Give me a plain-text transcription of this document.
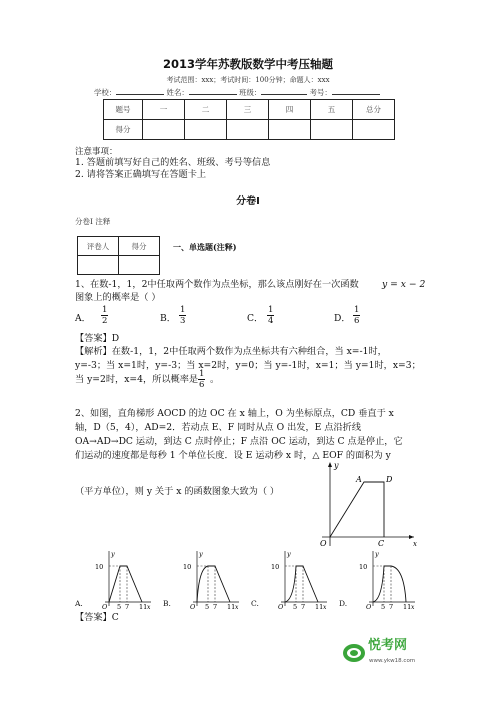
2013学年苏教版数学中考压轴题
考试范围：xxx；考试时间：100分钟；命题人：xxx
学校：	姓名：	班级：	考号：
题号	一	二	三	四	五	总分
得分						
注意事项：
1. 答题前填写好自己的姓名、班级、考号等信息
2. 请将答案正确填写在答题卡上
分卷I
分卷I 注释
评卷人	得分
		一、单选题(注释)
1、在数-1，1，2中任取两个数作为点坐标，那么该点刚好在一次函数	y = x − 2
图象上的概率是（ ）
A． $\frac{1}{2}$	B． $\frac{1}{3}$	C． $\frac{1}{4}$	D． $\frac{1}{6}$
【答案】D
【解析】在数-1，1，2中任取两个数作为点坐标共有六种组合，当 x=-1时，
y=-3；当 x=1时，y=-3；当 x=2时，y=0；当 y=-1时，x=1；当 y=1时，x=3；
当 y=2时，x=4，所以概率是 $\frac{1}{6}$ 。
2、如图，直角梯形 AOCD 的边 OC 在 x 轴上，O 为坐标原点，CD 垂直于 x
轴，D（5，4），AD=2．若动点 E、F 同时从点 O 出发，E 点沿折线
OA→AD→DC 运动，到达 C 点时停止；F 点沿 OC 运动，到达 C 点是停止，它
们运动的速度都是每秒 1 个单位长度．设 E 运动秒 x 时，△ EOF 的面积为 y
（平方单位），则 y 关于 x 的函数图象大致为（ ）
y
A	D
O	C	x
A.
y
10
O 5 7 11 x B.
y
10
O 5 7 11 x C.
y
10
O 5 7 11 x D.
y
10
O 5 7 11 x
【答案】C
悦考网
www.ykw18.com
